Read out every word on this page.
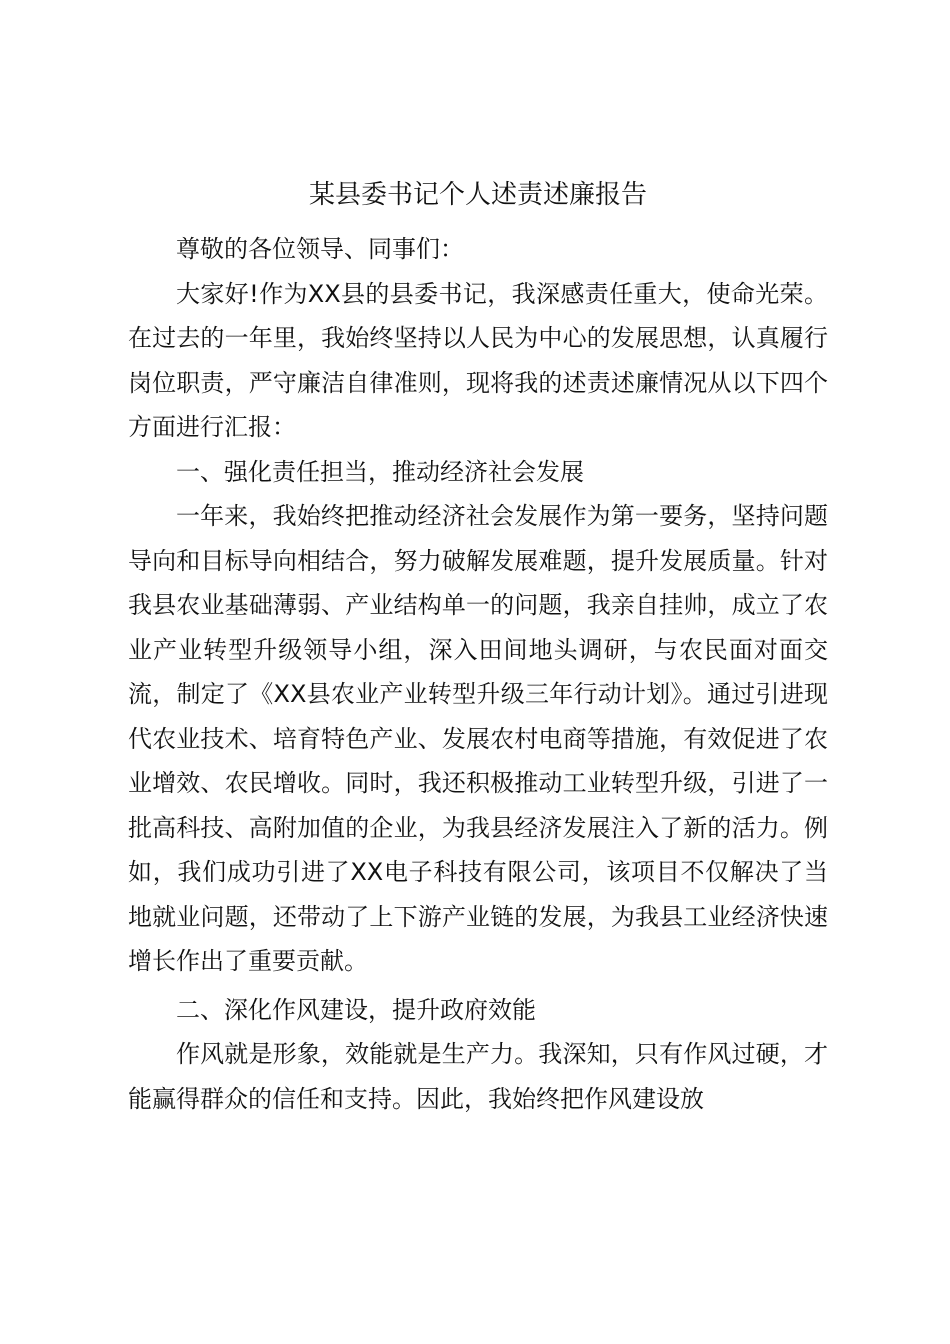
某县委书记个人述责述廉报告

尊敬的各位领导、同事们：

大家好!作为XX县的县委书记，我深感责任重大，使命光荣。在过去的一年里，我始终坚持以人民为中心的发展思想，认真履行岗位职责，严守廉洁自律准则，现将我的述责述廉情况从以下四个方面进行汇报：

一、强化责任担当，推动经济社会发展

一年来，我始终把推动经济社会发展作为第一要务，坚持问题导向和目标导向相结合，努力破解发展难题，提升发展质量。针对我县农业基础薄弱、产业结构单一的问题，我亲自挂帅，成立了农业产业转型升级领导小组，深入田间地头调研，与农民面对面交流，制定了《XX县农业产业转型升级三年行动计划》。通过引进现代农业技术、培育特色产业、发展农村电商等措施，有效促进了农业增效、农民增收。同时，我还积极推动工业转型升级，引进了一批高科技、高附加值的企业，为我县经济发展注入了新的活力。例如，我们成功引进了XX电子科技有限公司，该项目不仅解决了当地就业问题，还带动了上下游产业链的发展，为我县工业经济快速增长作出了重要贡献。

二、深化作风建设，提升政府效能

作风就是形象，效能就是生产力。我深知，只有作风过硬，才能赢得群众的信任和支持。因此，我始终把作风建设放
